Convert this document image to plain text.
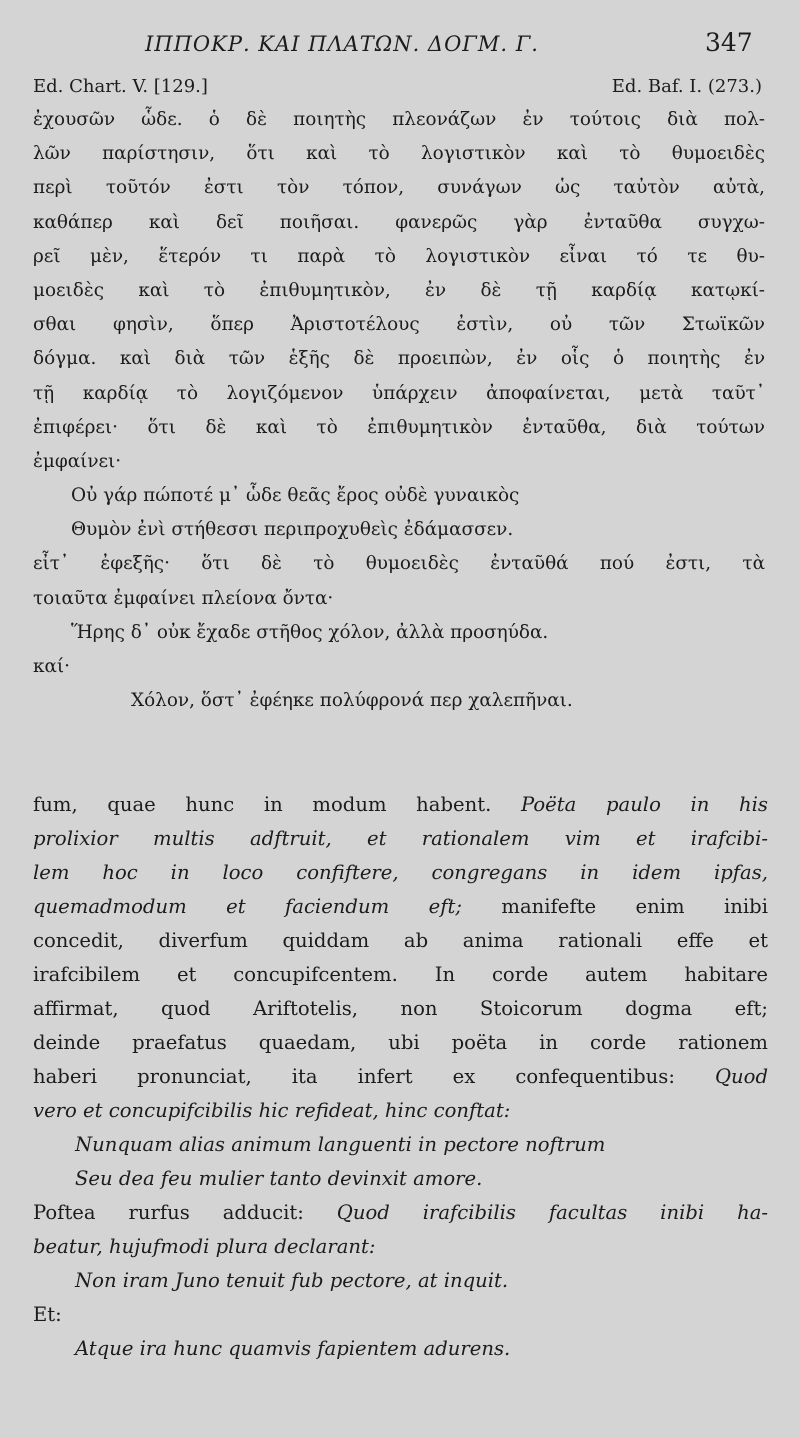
ΙΠΠΟΚΡ. ΚΑΙ ΠΛΑΤΩΝ. ΔΟΓΜ. Γ.	347
Ed. Chart. V. [129.]	Ed. Baf. I. (273.)
ἐχουσῶν ὧδε. ὁ δὲ ποιητὴς πλεονάζων ἐν τούτοις διὰ πολ-
λῶν παρίστησιν, ὅτι καὶ τὸ λογιστικὸν καὶ τὸ θυμοειδὲς
περὶ τοῦτόν ἐστι τὸν τόπον, συνάγων ὡς ταὐτὸν αὐτὰ,
καθάπερ καὶ δεῖ ποιῆσαι. φανερῶς γὰρ ἐνταῦθα συγχω-
ρεῖ μὲν, ἕτερόν τι παρὰ τὸ λογιστικὸν εἶναι τό τε θυ-
μοειδὲς καὶ τὸ ἐπιθυμητικὸν, ἐν δὲ τῇ καρδίᾳ κατῳκί-
σθαι φησὶν, ὅπερ Ἀριστοτέλους ἐστὶν, οὐ τῶν Στωϊκῶν
δόγμα. καὶ διὰ τῶν ἑξῆς δὲ προειπὼν, ἐν οἷς ὁ ποιητὴς ἐν
τῇ καρδίᾳ τὸ λογιζόμενον ὑπάρχειν ἀποφαίνεται, μετὰ ταῦτ᾽
ἐπιφέρει· ὅτι δὲ καὶ τὸ ἐπιθυμητικὸν ἐνταῦθα, διὰ τούτων
ἐμφαίνει·
Οὐ γάρ πώποτέ μ᾽ ὧδε θεᾶς ἔρος οὐδὲ γυναικὸς
Θυμὸν ἐνὶ στήθεσσι περιπροχυθεὶς ἐδάμασσεν.
εἶτ᾽ ἐφεξῆς· ὅτι δὲ τὸ θυμοειδὲς ἐνταῦθά πού ἐστι, τὰ
τοιαῦτα ἐμφαίνει πλείονα ὄντα·
Ἥρης δ᾽ οὐκ ἔχαδε στῆθος χόλον, ἀλλὰ προσηύδα.
καί·
Χόλον, ὅστ᾽ ἐφέηκε πολύφρονά περ χαλεπῆναι.
fum, quae hunc in modum habent. Poëta paulo in his
prolixior multis adftruit, et rationalem vim et irafcibi-
lem hoc in loco confiftere, congregans in idem ipfas,
quemadmodum et faciendum eft; manifefte enim inibi
concedit, diverfum quiddam ab anima rationali effe et
irafcibilem et concupifcentem. In corde autem habitare
affirmat, quod Ariftotelis, non Stoicorum dogma eft;
deinde praefatus quaedam, ubi poëta in corde rationem
haberi pronunciat, ita infert ex confequentibus: Quod
vero et concupifcibilis hic refideat, hinc conftat:
Nunquam alias animum languenti in pectore noftrum
Seu dea feu mulier tanto devinxit amore.
Poftea rurfus adducit: Quod irafcibilis facultas inibi ha-
beatur, hujufmodi plura declarant:
Non iram Juno tenuit fub pectore, at inquit.
Et:
Atque ira hunc quamvis fapientem adurens.
